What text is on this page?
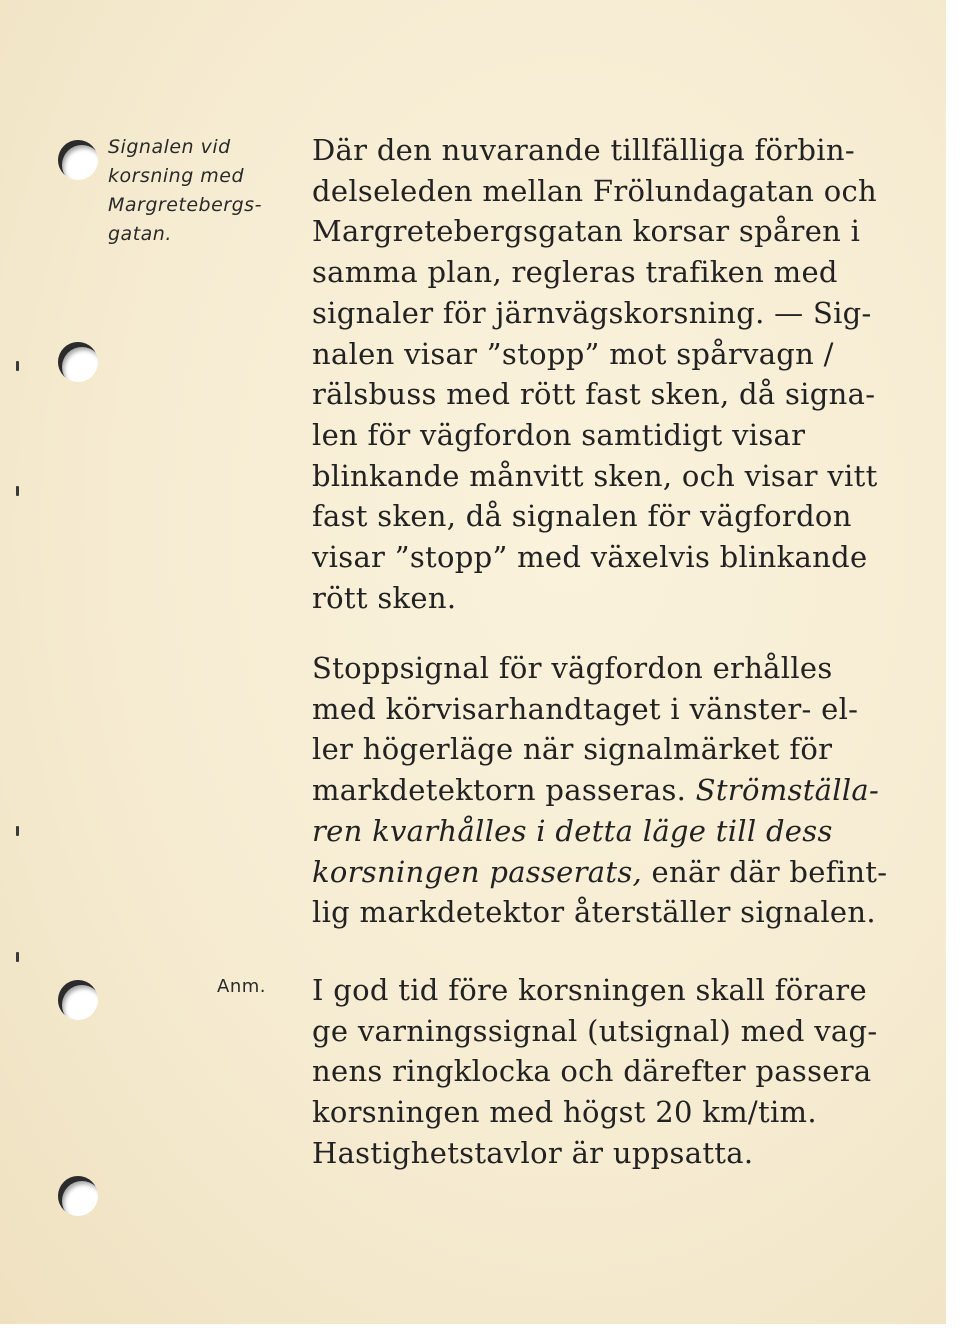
Signalen vid
korsning med
Margretebergs-
gatan.
Där den nuvarande tillfälliga förbin-
delseleden mellan Frölundagatan och
Margretebergsgatan korsar spåren i
samma plan, regleras trafiken med
signaler för järnvägskorsning. — Sig-
nalen visar ”stopp” mot spårvagn /
rälsbuss med rött fast sken, då signa-
len för vägfordon samtidigt visar
blinkande månvitt sken, och visar vitt
fast sken, då signalen för vägfordon
visar ”stopp” med växelvis blinkande
rött sken.
Stoppsignal för vägfordon erhålles
med körvisarhandtaget i vänster- el-
ler högerläge när signalmärket för
markdetektorn passeras. Strömställa-
ren kvarhålles i detta läge till dess
korsningen passerats, enär där befint-
lig markdetektor återställer signalen.
Anm. I god tid före korsningen skall förare
ge varningssignal (utsignal) med vag-
nens ringklocka och därefter passera
korsningen med högst 20 km/tim.
Hastighetstavlor är uppsatta.
